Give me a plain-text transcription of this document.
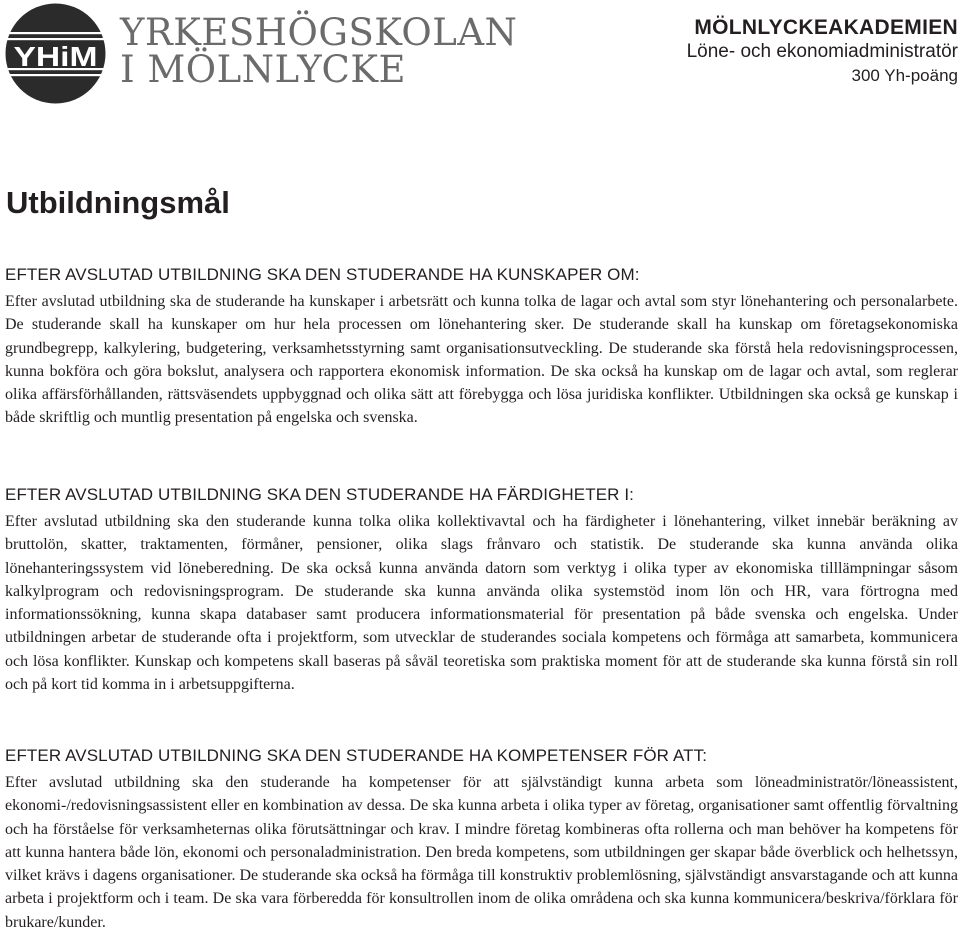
YHiM
YRKESHÖGSKOLAN
I MÖLNLYCKE
MÖLNLYCKEAKADEMIEN
Löne- och ekonomiadministratör
300 Yh-poäng
Utbildningsmål
EFTER AVSLUTAD UTBILDNING SKA DEN STUDERANDE HA KUNSKAPER OM:

Efter avslutad utbildning ska de studerande ha kunskaper i arbetsrätt och kunna tolka de lagar och avtal som styr lönehantering och personalarbete. De studerande skall ha kunskaper om hur hela processen om lönehantering sker. De studerande skall ha kunskap om företagsekonomiska grundbegrepp, kalkylering, budgetering, verksamhetsstyrning samt organisationsutveckling. De studerande ska förstå hela redovisningsprocessen, kunna bokföra och göra bokslut, analysera och rapportera ekonomisk information. De ska också ha kunskap om de lagar och avtal, som reglerar olika affärsförhållanden, rättsväsendets uppbyggnad och olika sätt att förebygga och lösa juridiska konflikter. Utbildningen ska också ge kunskap i både skriftlig och muntlig presentation på engelska och svenska.

EFTER AVSLUTAD UTBILDNING SKA DEN STUDERANDE HA FÄRDIGHETER I:

Efter avslutad utbildning ska den studerande kunna tolka olika kollektivavtal och ha färdigheter i lönehantering, vilket innebär beräkning av bruttolön, skatter, traktamenten, förmåner, pensioner, olika slags frånvaro och statistik. De studerande ska kunna använda olika lönehanteringssystem vid löneberedning. De ska också kunna använda datorn som verktyg i olika typer av ekonomiska tilllämpningar såsom kalkylprogram och redovisningsprogram. De studerande ska kunna använda olika systemstöd inom lön och HR, vara förtrogna med informationssökning, kunna skapa databaser samt producera informationsmaterial för presentation på både svenska och engelska. Under utbildningen arbetar de studerande ofta i projektform, som utvecklar de studerandes sociala kompetens och förmåga att samarbeta, kommunicera och lösa konflikter. Kunskap och kompetens skall baseras på såväl teoretiska som praktiska moment för att de studerande ska kunna förstå sin roll och på kort tid komma in i arbetsuppgifterna.

EFTER AVSLUTAD UTBILDNING SKA DEN STUDERANDE HA KOMPETENSER FÖR ATT:

Efter avslutad utbildning ska den studerande ha kompetenser för att självständigt kunna arbeta som löneadministratör/löneassistent, ekonomi-/redovisningsassistent eller en kombination av dessa. De ska kunna arbeta i olika typer av företag, organisationer samt offentlig förvaltning och ha förståelse för verksamheternas olika förutsättningar och krav. I mindre företag kombineras ofta rollerna och man behöver ha kompetens för att kunna hantera både lön, ekonomi och personaladministration. Den breda kompetens, som utbildningen ger skapar både överblick och helhetssyn, vilket krävs i dagens organisationer. De studerande ska också ha förmåga till konstruktiv problemlösning, självständigt ansvarstagande och att kunna arbeta i projektform och i team. De ska vara förberedda för konsultrollen inom de olika områdena och ska kunna kommunicera/beskriva/förklara för brukare/kunder.
